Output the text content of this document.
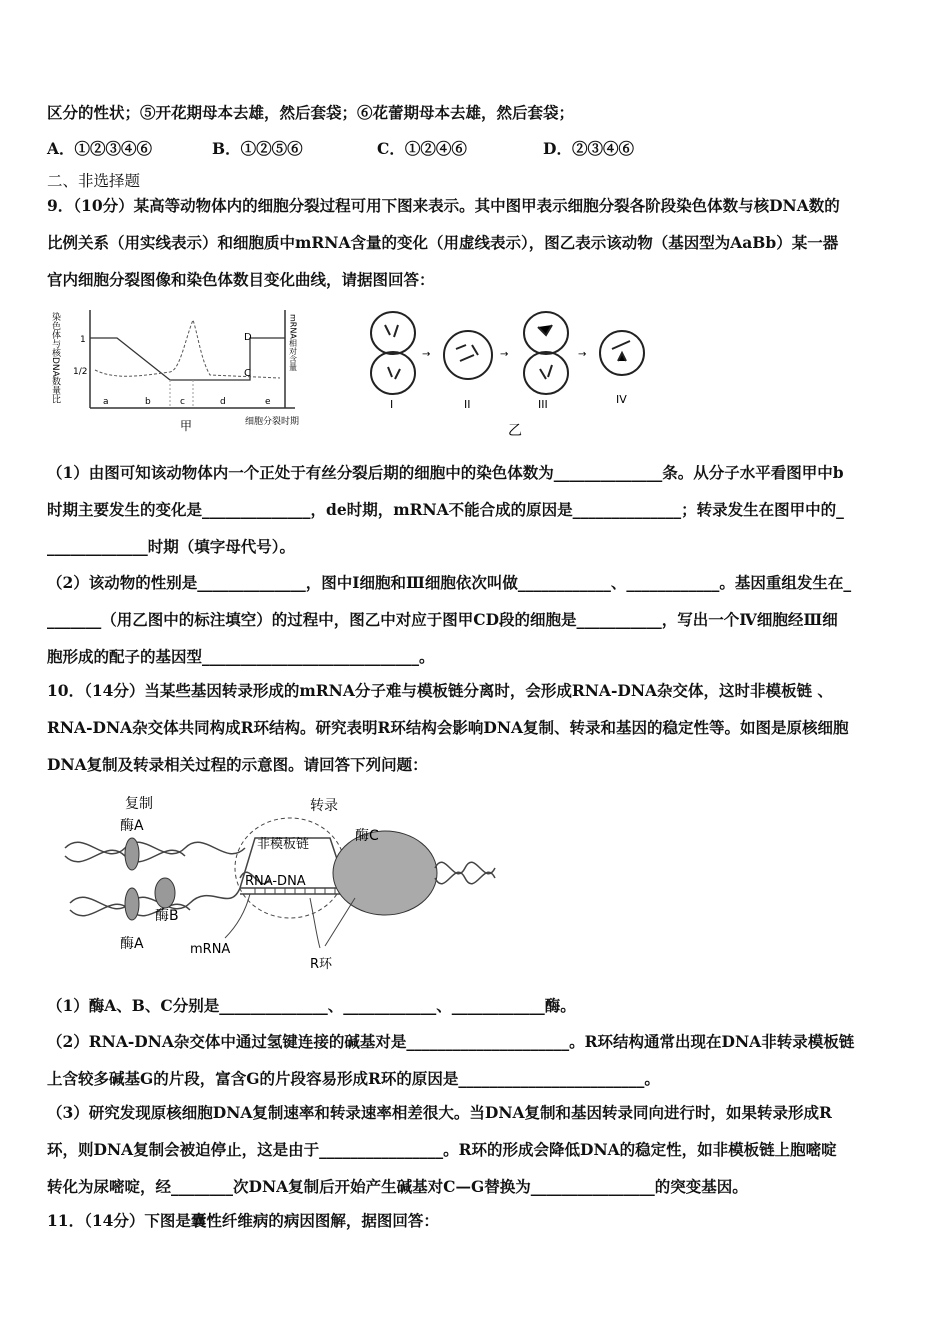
区分的性状；⑤开花期母本去雄，然后套袋；⑥花蕾期母本去雄，然后套袋；
A．①②③④⑥	B．①②⑤⑥	C．①②④⑥	D．②③④⑥
二、非选择题
9．（10分）某高等动物体内的细胞分裂过程可用下图来表示。其中图甲表示细胞分裂各阶段染色体数与核DNA数的
比例关系（用实线表示）和细胞质中mRNA含量的变化（用虚线表示），图乙表示该动物（基因型为AaBb）某一器
官内细胞分裂图像和染色体数目变化曲线，请据图回答：
染色体与核DNA数量比 1
1/2
a	b	c	d	e
D
C
mRNA相对含量
细胞分裂时期
甲
I
→
II
→
III
→
IV
乙
（1）由图可知该动物体内一个正处于有丝分裂后期的细胞中的染色体数为______________条。从分子水平看图甲中b
时期主要发生的变化是______________，de时期，mRNA不能合成的原因是______________；转录发生在图甲中的_
_____________时期（填字母代号）。
（2）该动物的性别是______________，图中Ⅰ细胞和Ⅲ细胞依次叫做____________、____________。基因重组发生在_
_______（用乙图中的标注填空）的过程中，图乙中对应于图甲CD段的细胞是___________，写出一个Ⅳ细胞经Ⅲ细
胞形成的配子的基因型____________________________。
10．（14分）当某些基因转录形成的mRNA分子难与模板链分离时，会形成RNA-DNA杂交体，这时非模板链 、
RNA-DNA杂交体共同构成R环结构。研究表明R环结构会影响DNA复制、转录和基因的稳定性等。如图是原核细胞
DNA复制及转录相关过程的示意图。请回答下列问题：
复制
酶A
酶B
酶A
转录
非模板链
酶C
RNA-DNA
mRNA
R环
（1）酶A、B、C分别是______________、____________、____________酶。
（2）RNA-DNA杂交体中通过氢键连接的碱基对是_____________________。R环结构通常出现在DNA非转录模板链
上含较多碱基G的片段，富含G的片段容易形成R环的原因是________________________。
（3）研究发现原核细胞DNA复制速率和转录速率相差很大。当DNA复制和基因转录同向进行时，如果转录形成R
环，则DNA复制会被迫停止，这是由于________________。R环的形成会降低DNA的稳定性，如非模板链上胞嘧啶
转化为尿嘧啶，经________次DNA复制后开始产生碱基对C—G替换为________________的突变基因。
11．（14分）下图是囊性纤维病的病因图解，据图回答：
